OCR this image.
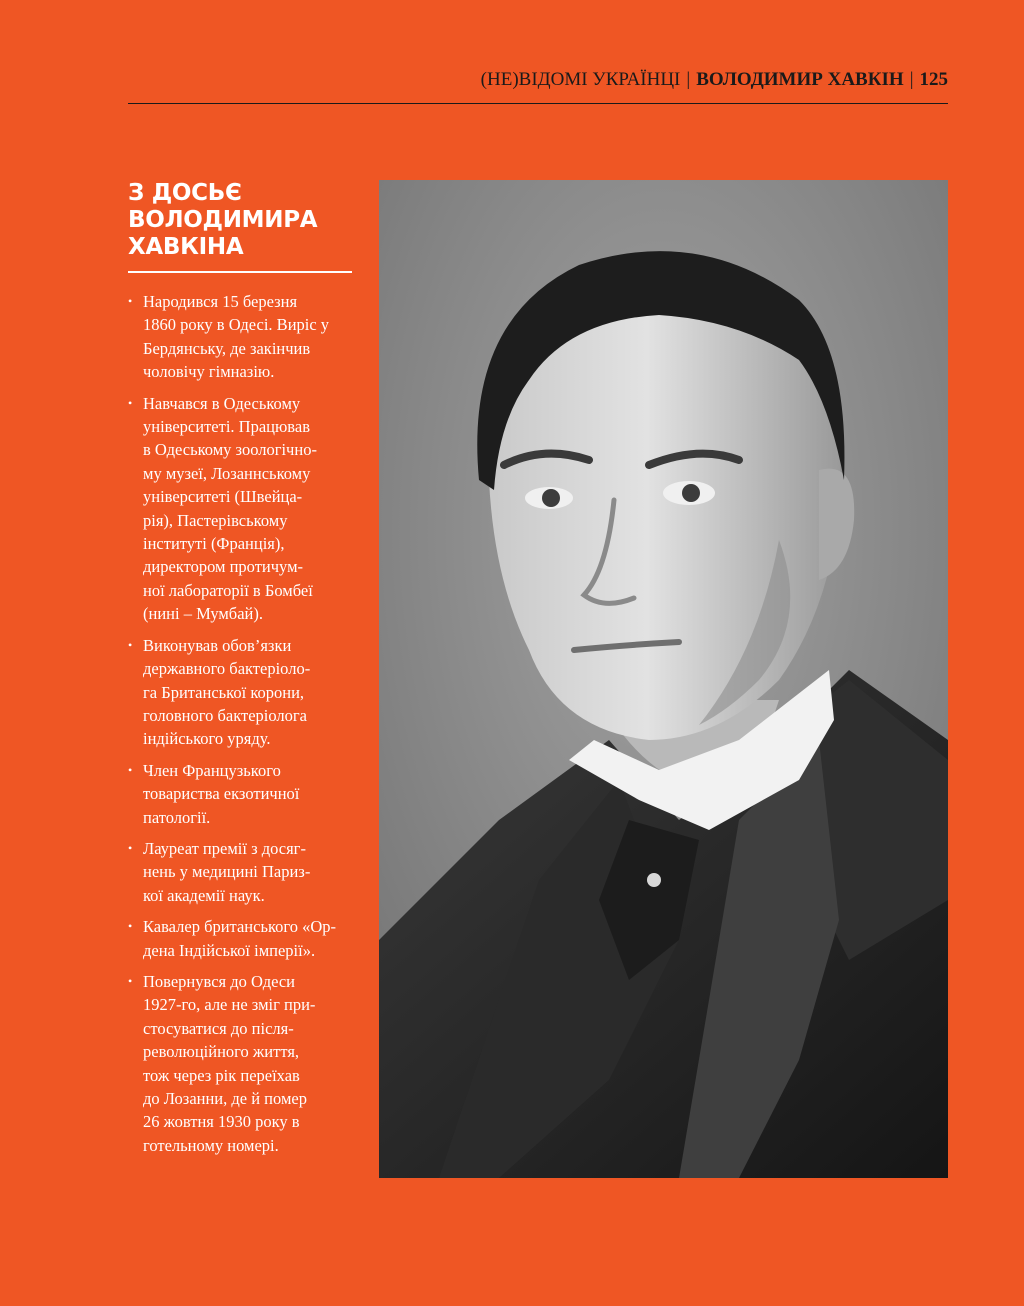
(НЕ)ВІДОМІ УКРАЇНЦІ | ВОЛОДИМИР ХАВКІН | 125
З ДОСЬЄ
ВОЛОДИМИРА
ХАВКІНА
• Народився 15 березня
1860 року в Одесі. Виріс у
Бердянську, де закінчив
чоловічу гімназію.
• Навчався в Одеському
університеті. Працював
в Одеському зоологічно-
му музеї, Лозаннському
університеті (Швейца-
рія), Пастерівському
інституті (Франція),
директором протичум-
ної лабораторії в Бомбеї
(нині – Мумбай).
• Виконував обов’язки
державного бактеріоло-
га Британської корони,
головного бактеріолога
індійського уряду.
• Член Французького
товариства екзотичної
патології.
• Лауреат премії з досяг-
нень у медицині Париз-
кої академії наук.
• Кавалер британського «Ор-
дена Індійської імперії».
• Повернувся до Одеси
1927-го, але не зміг при-
стосуватися до після-
революційного життя,
тож через рік переїхав
до Лозанни, де й помер
26 жовтня 1930 року в
готельному номері.
